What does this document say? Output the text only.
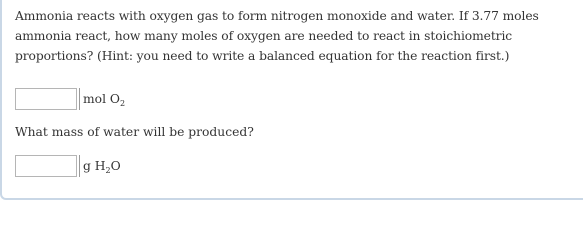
Ammonia reacts with oxygen gas to form nitrogen monoxide and water. If 3.77 moles ammonia react, how many moles of oxygen are needed to react in stoichiometric proportions? (Hint: you need to write a balanced equation for the reaction first.)
mol $O_2$
What mass of water will be produced?
g $H_2O$
